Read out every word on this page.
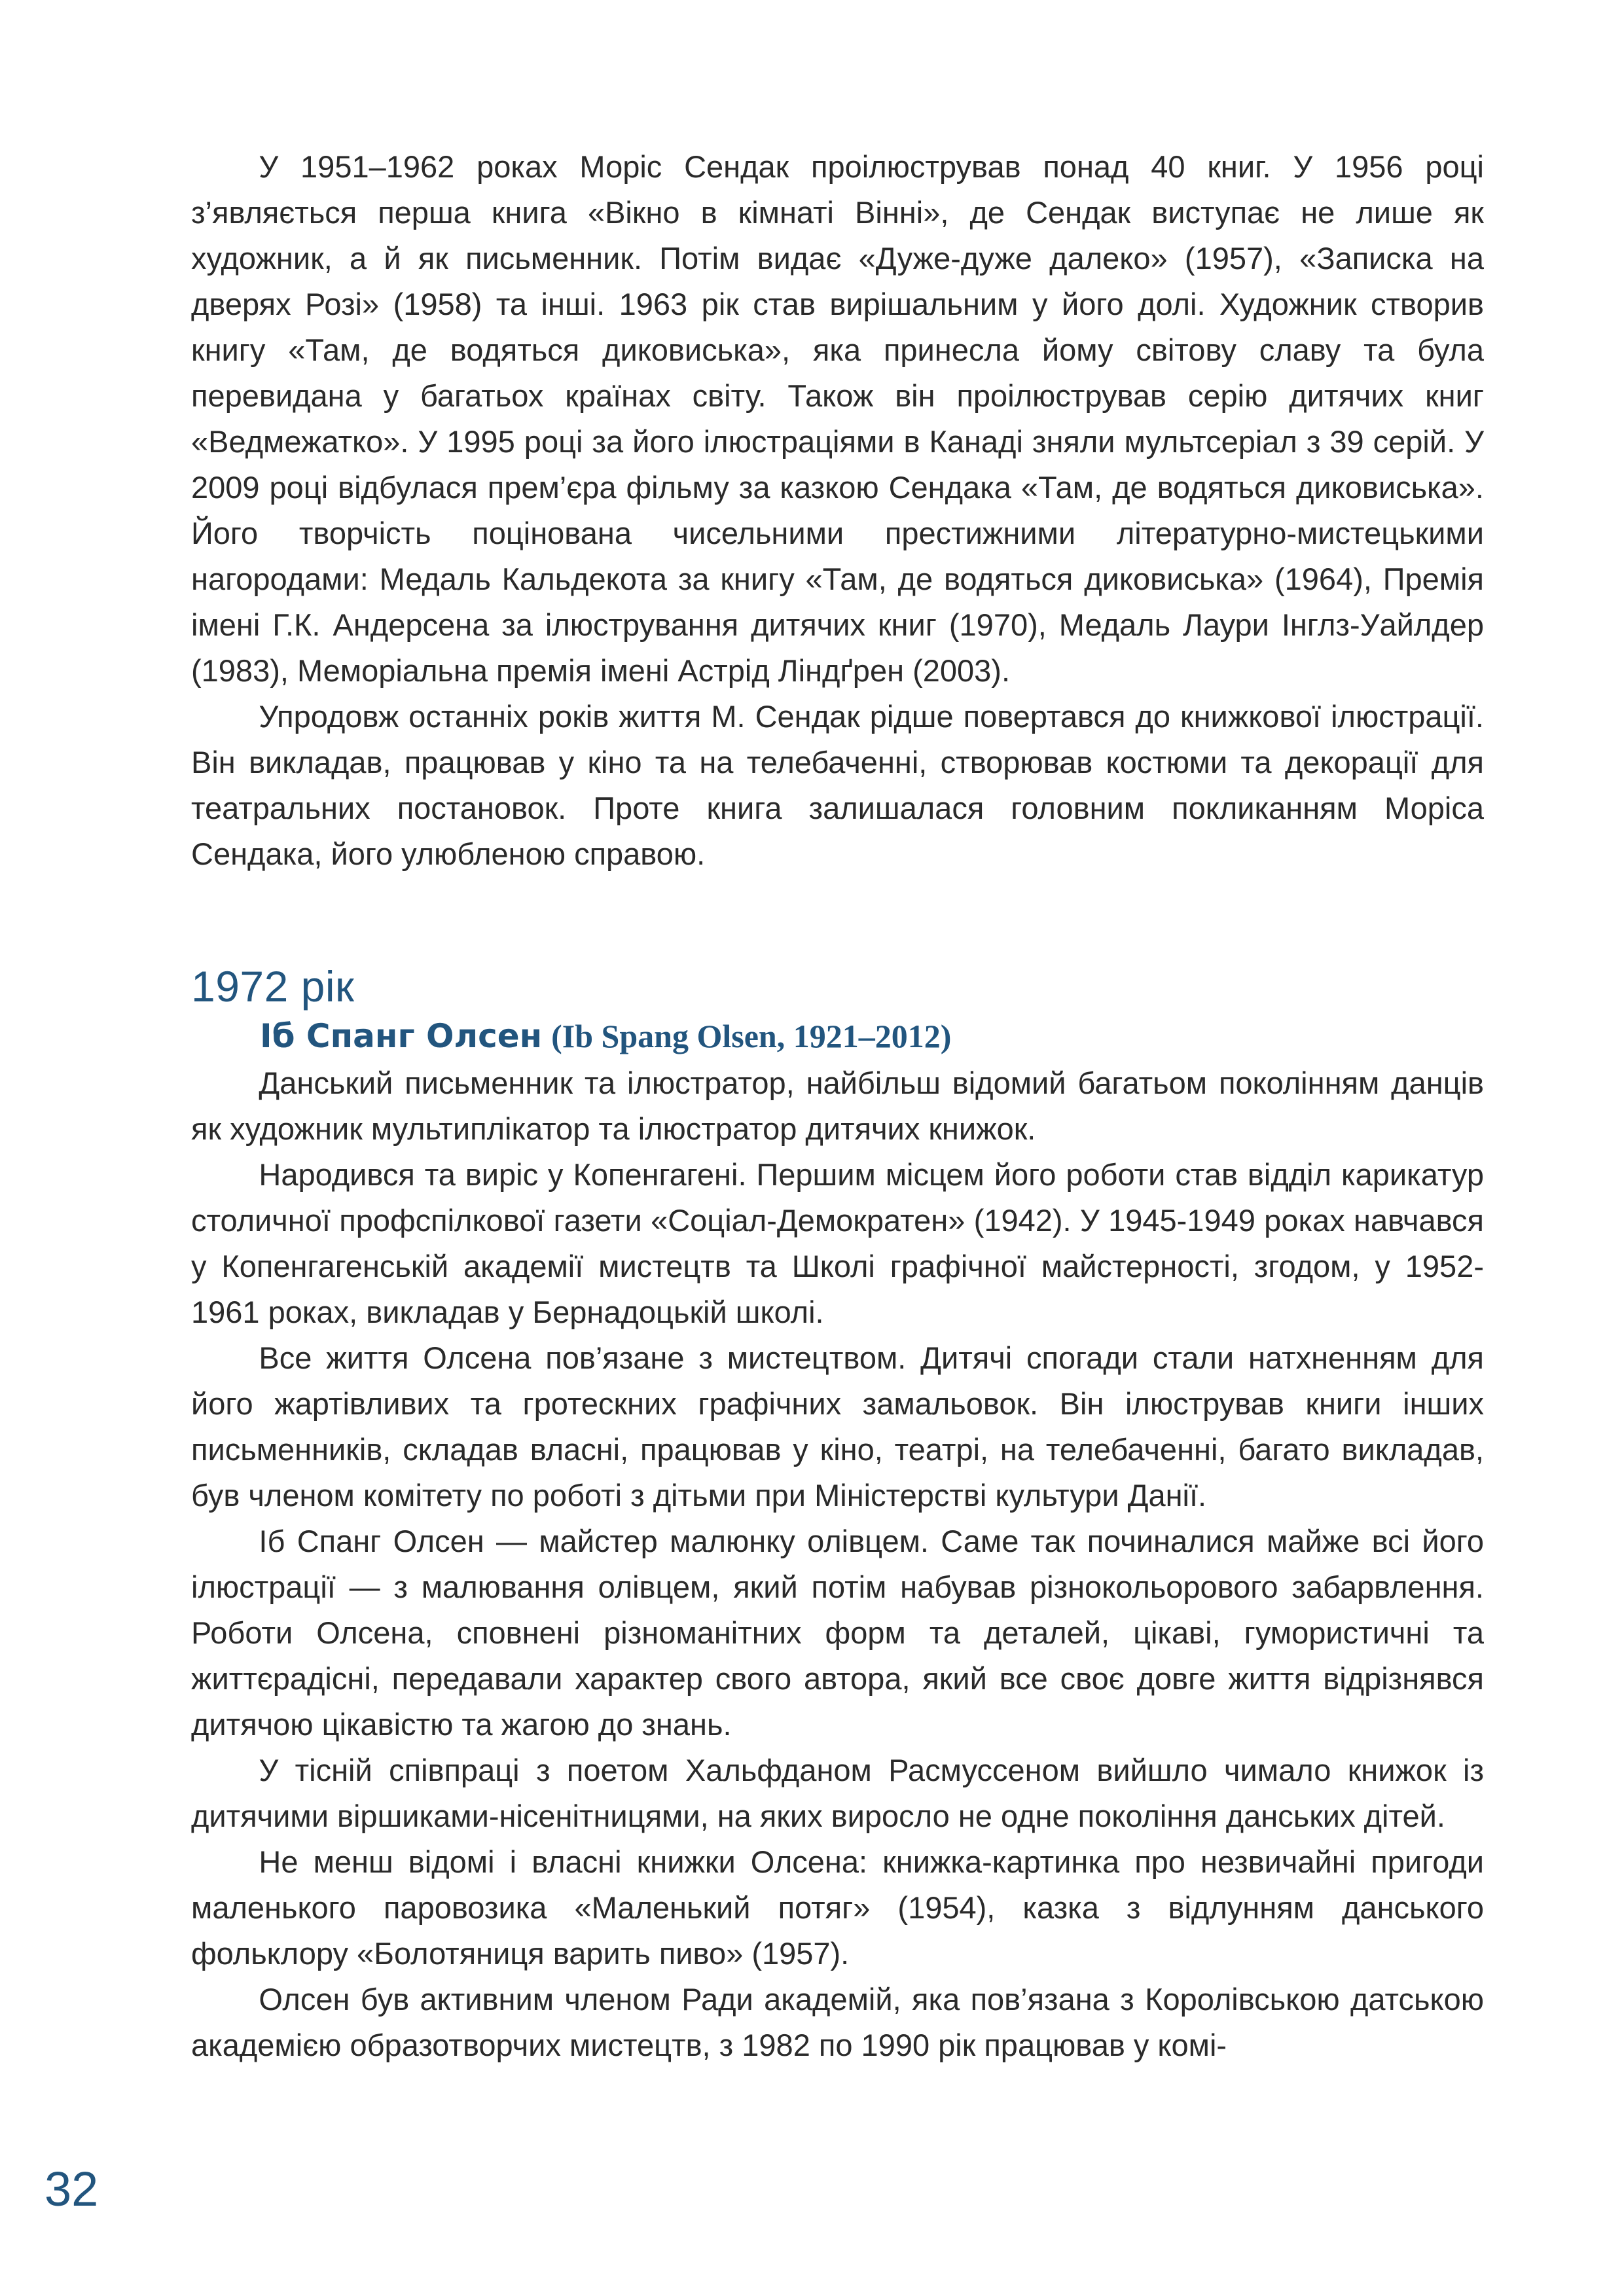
У 1951–1962 роках Моріс Сендак проілюстрував понад 40 книг. У 1956 році з’являється перша книга «Вікно в кімнаті Вінні», де Сендак виступає не лише як художник, а й як письменник. Потім видає «Дуже-дуже далеко» (1957), «Записка на дверях Розі» (1958) та інші. 1963 рік став вирішальним у його долі. Художник створив книгу «Там, де водяться диковиська», яка принесла йому світову славу та була перевидана у багатьох країнах світу. Також він проілюстрував серію дитячих книг «Ведмежатко». У 1995 році за його ілюстраціями в Канаді зняли мультсеріал з 39 серій. У 2009 році відбулася прем’єра фільму за казкою Сендака «Там, де водяться диковиська». Його творчість поцінована чисельними престижними літературно-мистецькими нагородами: Медаль Кальдекота за книгу «Там, де водяться диковиська» (1964), Премія імені Г.К. Андерсена за ілюстрування дитячих книг (1970), Медаль Лаури Інглз-Уайлдер (1983), Меморіальна премія імені Астрід Ліндґрен (2003).

Упродовж останніх років життя М. Сендак рідше повертався до книжкової ілюстрації. Він викладав, працював у кіно та на телебаченні, створював костюми та декорації для театральних постановок. Проте книга залишалася головним покликанням Моріса Сендака, його улюбленою справою.

1972 рік
Іб Спанг Олсен (Ib Spang Olsen, 1921–2012)

Данський письменник та ілюстратор, найбільш відомий багатьом поколінням данців як художник мультиплікатор та ілюстратор дитячих книжок.

Народився та виріс у Копенгагені. Першим місцем його роботи став відділ карикатур столичної профспілкової газети «Соціал-Демократен» (1942). У 1945-1949 роках навчався у Копенгагенській академії мистецтв та Школі графічної майстерності, згодом, у 1952-1961 роках, викладав у Бернадоцькій школі.

Все життя Олсена пов’язане з мистецтвом. Дитячі спогади стали натхненням для його жартівливих та гротескних графічних замальовок. Він ілюстрував книги інших письменників, складав власні, працював у кіно, театрі, на телебаченні, багато викладав, був членом комітету по роботі з дітьми при Міністерстві культури Данії.

Іб Спанг Олсен — майстер малюнку олівцем. Саме так починалися майже всі його ілюстрації — з малювання олівцем, який потім набував різнокольорового забарвлення. Роботи Олсена, сповнені різноманітних форм та деталей, цікаві, гумористичні та життєрадісні, передавали характер свого автора, який все своє довге життя відрізнявся дитячою цікавістю та жагою до знань.

У тісній співпраці з поетом Хальфданом Расмуссеном вийшло чимало книжок із дитячими віршиками-нісенітницями, на яких виросло не одне покоління данських дітей.

Не менш відомі і власні книжки Олсена: книжка-картинка про незвичайні пригоди маленького паровозика «Маленький потяг» (1954), казка з відлунням данського фольклору «Болотяниця варить пиво» (1957).

Олсен був активним членом Ради академій, яка пов’язана з Королівською датською академією образотворчих мистецтв, з 1982 по 1990 рік працював у комі-

32
